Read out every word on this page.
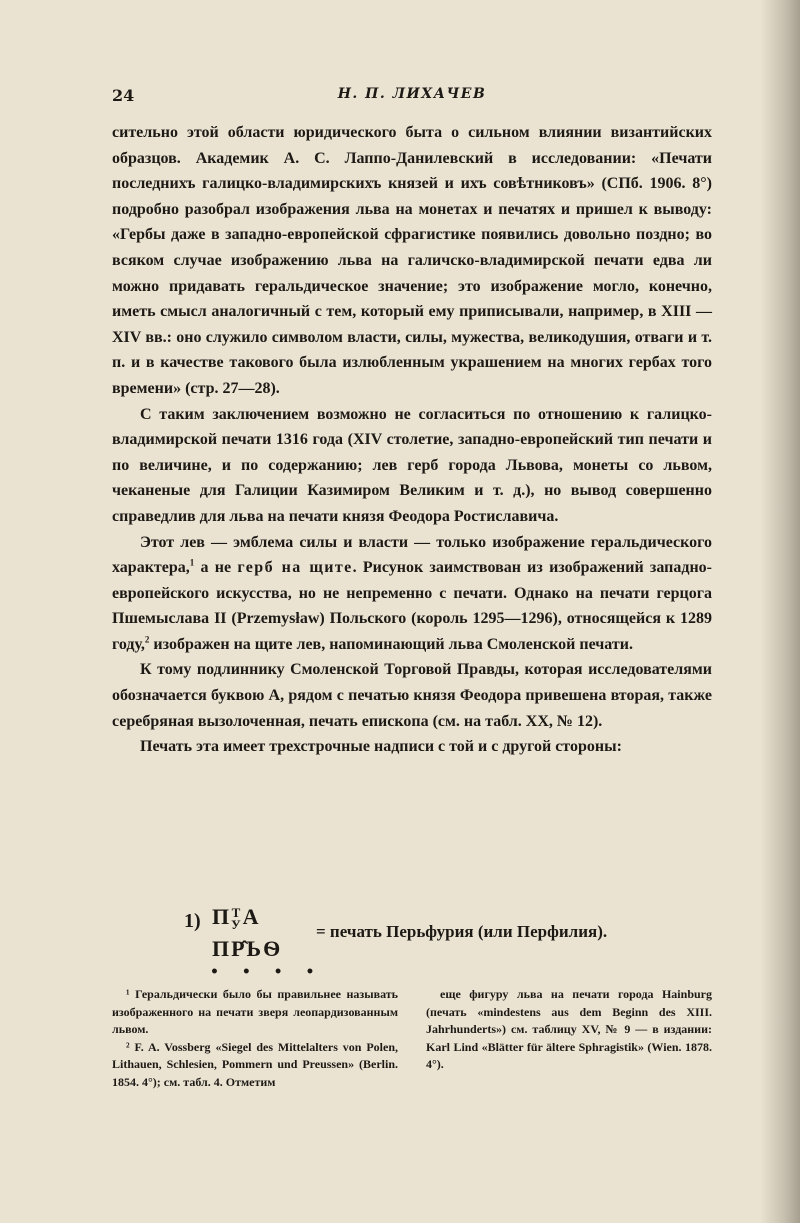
24	Н. П. ЛИХАЧЕВ

сительно этой области юридического быта о сильном влиянии византийских образцов. Академик А. С. Лаппо-Данилевский в исследовании: «Печати последнихъ галицко-владимирскихъ князей и ихъ совѣтниковъ» (СПб. 1906. 8°) подробно разобрал изображения льва на монетах и печатях и пришел к выводу: «Гербы даже в западно-европейской сфрагистике появились довольно поздно; во всяком случае изображению льва на галичско-владимирской печати едва ли можно придавать геральдическое значение; это изображение могло, конечно, иметь смысл аналогичный с тем, который ему приписывали, например, в XIII — XIV вв.: оно служило символом власти, силы, мужества, великодушия, отваги и т. п. и в качестве такового была излюбленным украшением на многих гербах того времени» (стр. 27—28).

С таким заключением возможно не согласиться по отношению к галицко-владимирской печати 1316 года (XIV столетие, западно-европейский тип печати и по величине, и по содержанию; лев герб города Львова, монеты со львом, чеканеные для Галиции Казимиром Великим и т. д.), но вывод совершенно справедлив для льва на печати князя Феодора Ростиславича.

Этот лев — эмблема силы и власти — только изображение геральдического характера,$^1$ а не герб на щите. Рисунок заимствован из изображений западно-европейского искусства, но не непременно с печати. Однако на печати герцога Пшемыслава II (Przemysław) Польского (король 1295—1296), относящейся к 1289 году,$^2$ изображен на щите лев, напоминающий льва Смоленской печати.

К тому подлиннику Смоленской Торговой Правды, которая исследователями обозначается буквою А, рядом с печатью князя Феодора привешена вторая, также серебряная вызолоченная, печать епископа (см. на табл. XX, № 12).

Печать эта имеет трехстрочные надписи с той и с другой стороны:

1) ПТ
УА
ПР̂ЬѲ
= печать Перьфурия (или Перфилия).
• • • •

¹ Геральдически было бы правильнее называть изображенного на печати зверя леопардизованным львом.

² F. A. Vossberg «Siegel des Mittelalters von Polen, Lithauen, Schlesien, Pommern und Preussen» (Berlin. 1854. 4°); см. табл. 4. Отметим

еще фигуру льва на печати города Hainburg (печать «mindestens aus dem Beginn des XIII. Jahrhunderts») см. таблицу XV, № 9 — в издании: Karl Lind «Blätter für ältere Sphragistik» (Wien. 1878. 4°).
